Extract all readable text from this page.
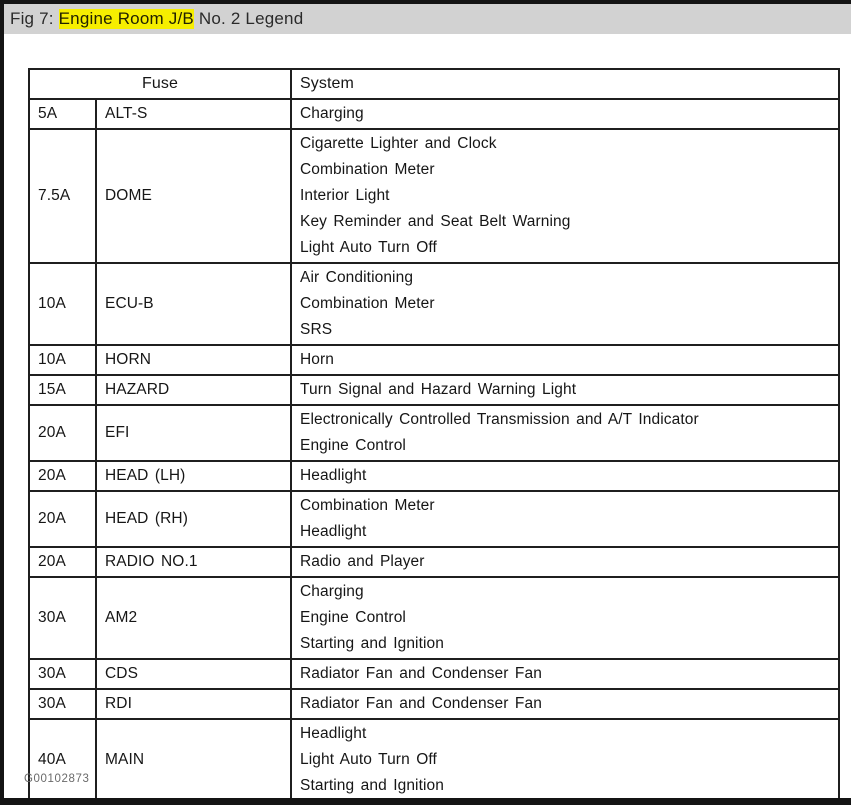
Fig 7: Engine Room J/B No. 2 Legend
Fuse		System
5A	ALT-S	Charging

7.5A	DOME	Cigarette Lighter and Clock
Combination Meter
Interior Light
Key Reminder and Seat Belt Warning
Light Auto Turn Off

10A	ECU-B	Air Conditioning
Combination Meter
SRS

10A	HORN	Horn

15A	HAZARD	Turn Signal and Hazard Warning Light

20A	EFI	Electronically Controlled Transmission and A/T Indicator
Engine Control

20A	HEAD (LH)	Headlight

20A	HEAD (RH)	Combination Meter
Headlight

20A	RADIO NO.1	Radio and Player

30A	AM2	Charging
Engine Control
Starting and Ignition

30A	CDS	Radiator Fan and Condenser Fan

30A	RDI	Radiator Fan and Condenser Fan

40A	MAIN	Headlight
Light Auto Turn Off
Starting and Ignition
G00102873
